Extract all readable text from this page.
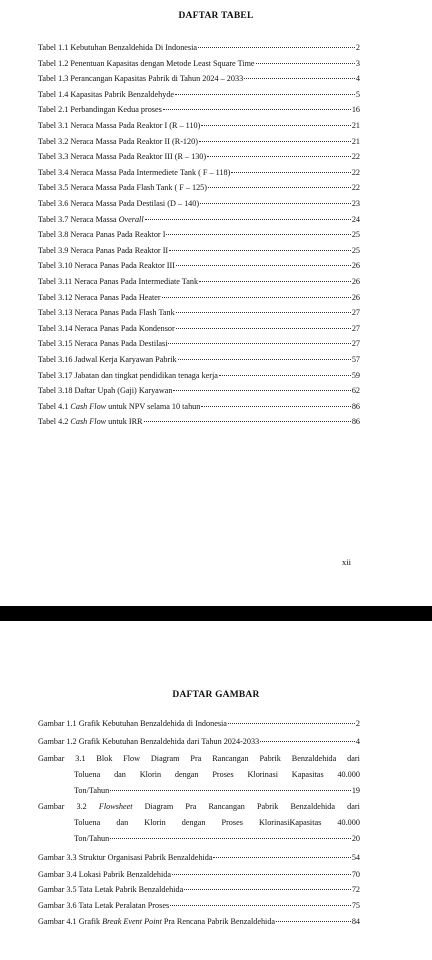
DAFTAR TABEL
Tabel 1.1 Kebutuhan Benzaldehida Di Indonesia	2
Tabel 1.2 Penentuan Kapasitas dengan Metode Least Square Time	3
Tabel 1.3 Perancangan Kapasitas Pabrik di Tahun 2024 – 2033	4
Tabel 1.4 Kapasitas Pabrik Benzaldehyde	5
Tabel 2.1 Perbandingan Kedua proses	16
Tabel 3.1 Neraca Massa Pada Reaktor I (R – 110)	21
Tabel 3.2 Neraca Massa Pada Reaktor II (R-120)	21
Tabel 3.3 Neraca Massa Pada Reaktor III (R – 130)	22
Tabel 3.4 Neraca Massa Pada Intermediete Tank ( F – 118)	22
Tabel 3.5 Neraca Massa Pada Flash Tank ( F – 125)	22
Tabel 3.6 Neraca Massa Pada Destilasi (D – 140)	23
Tabel 3.7 Neraca Massa Overall	24
Tabel 3.8 Neraca Panas Pada Reaktor I	25
Tabel 3.9 Neraca Panas Pada Reaktor II	25
Tabel 3.10 Neraca Panas Pada Reaktor III	26
Tabel 3.11 Neraca Panas Pada Intermediate Tank	26
Tabel 3.12 Neraca Panas Pada Heater	26
Tabel 3.13 Neraca Panas Pada Flash Tank	27
Tabel 3.14 Neraca Panas Pada Kondensor	27
Tabel 3.15 Neraca Panas Pada Destilasi	27
Tabel 3.16 Jadwal Kerja Karyawan Pabrik	57
Tabel 3.17 Jabatan dan tingkat pendidikan tenaga kerja	59
Tabel 3.18 Daftar Upah (Gaji) Karyawan	62
Tabel 4.1 Cash Flow untuk NPV selama 10 tahun	86
Tabel 4.2 Cash Flow untuk IRR	86
xii
DAFTAR GAMBAR
Gambar 1.1 Grafik Kebutuhan Benzaldehida di Indonesia	2
Gambar 1.2 Grafik Kebutuhan Benzaldehida dari Tahun 2024-2033	4
Gambar 3.1 Blok Flow Diagram Pra Rancangan Pabrik Benzaldehida dari
Toluena dan Klorin dengan Proses Klorinasi Kapasitas 40.000
Ton/Tahun	19
Gambar 3.2 Flowsheet Diagram Pra Rancangan Pabrik Benzaldehida dari
Toluena dan Klorin dengan Proses KlorinasiKapasitas 40.000
Ton/Tahun	20
Gambar 3.3 Struktur Organisasi Pabrik Benzaldehida	54
Gambar 3.4 Lokasi Pabrik Benzaldehida	70
Gambar 3.5 Tata Letak Pabrik Benzaldehida	72
Gambar 3.6 Tata Letak Peralatan Proses	75
Gambar 4.1 Grafik Break Event Point Pra Rencana Pabrik Benzaldehida	84
